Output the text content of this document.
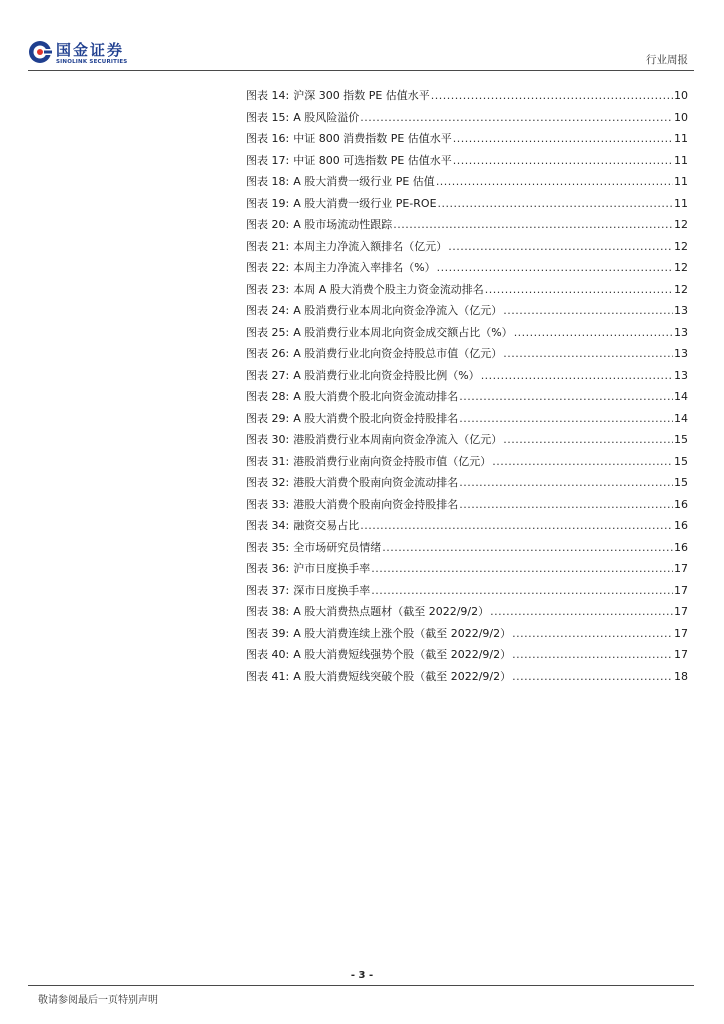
国金证券
SINOLINK SECURITIES	行业周报
图表 14: 沪深 300 指数 PE 估值水平 .....	10
图表 15: A 股风险溢价 .....	10
图表 16: 中证 800 消费指数 PE 估值水平 .....	11
图表 17: 中证 800 可选指数 PE 估值水平 .....	11
图表 18: A 股大消费一级行业 PE 估值 .....	11
图表 19: A 股大消费一级行业 PE-ROE .....	11
图表 20: A 股市场流动性跟踪 .....	12
图表 21: 本周主力净流入额排名（亿元） .....	12
图表 22: 本周主力净流入率排名（%） .....	12
图表 23: 本周 A 股大消费个股主力资金流动排名 .....	12
图表 24: A 股消费行业本周北向资金净流入（亿元） .....	13
图表 25: A 股消费行业本周北向资金成交额占比（%） .....	13
图表 26: A 股消费行业北向资金持股总市值（亿元） .....	13
图表 27: A 股消费行业北向资金持股比例（%） .....	13
图表 28: A 股大消费个股北向资金流动排名 .....	14
图表 29: A 股大消费个股北向资金持股排名 .....	14
图表 30: 港股消费行业本周南向资金净流入（亿元） .....	15
图表 31: 港股消费行业南向资金持股市值（亿元） .....	15
图表 32: 港股大消费个股南向资金流动排名 .....	15
图表 33: 港股大消费个股南向资金持股排名 .....	16
图表 34: 融资交易占比 .....	16
图表 35: 全市场研究员情绪 .....	16
图表 36: 沪市日度换手率 .....	17
图表 37: 深市日度换手率 .....	17
图表 38: A 股大消费热点题材（截至 2022/9/2） .....	17
图表 39: A 股大消费连续上涨个股（截至 2022/9/2） .....	17
图表 40: A 股大消费短线强势个股（截至 2022/9/2） .....	17
图表 41: A 股大消费短线突破个股（截至 2022/9/2） .....	18
- 3 -
敬请参阅最后一页特别声明
